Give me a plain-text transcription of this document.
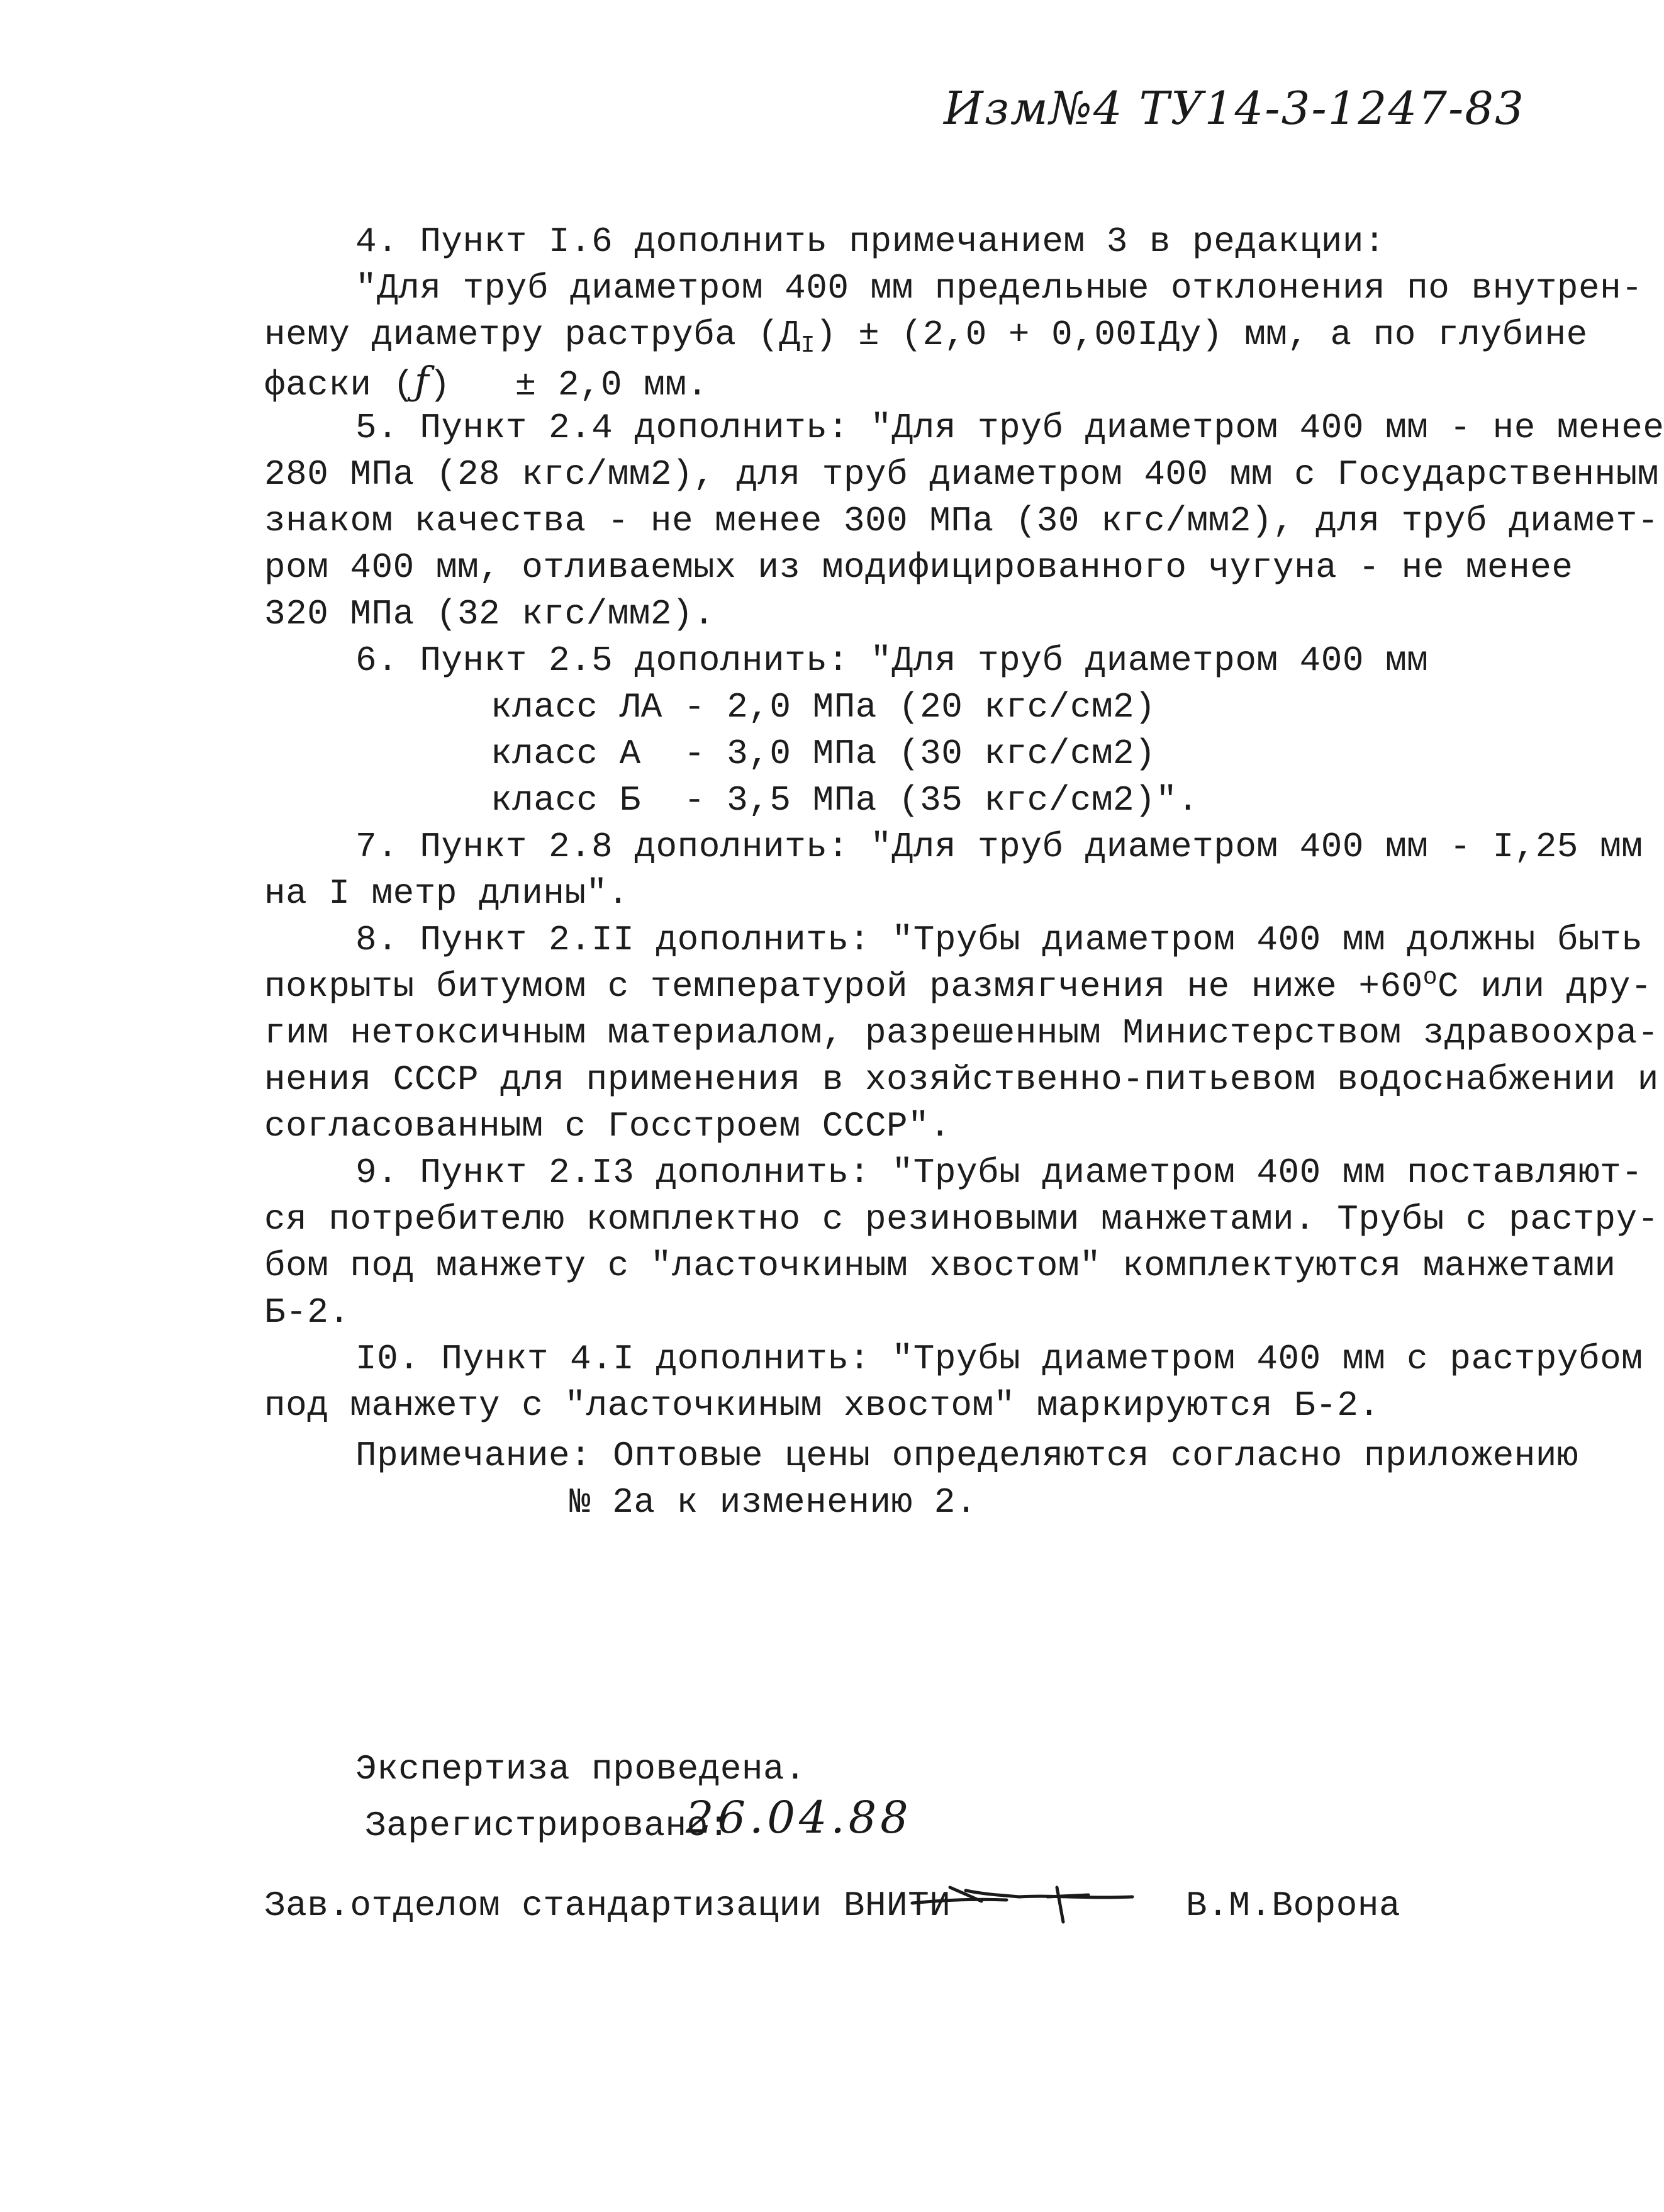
Изм№4 ТУ14-3-1247-83
4. Пункт I.6 дополнить примечанием 3 в редакции:
"Для труб диаметром 400 мм предельные отклонения по внутрен-
нему диаметру раструба $(Д_I) \pm (2,0 + 0,00IДу)$ мм, а по глубине
фаски (ƒ)   ± 2,0 мм.
5. Пункт 2.4 дополнить: "Для труб диаметром 400 мм - не менее
280 МПа (28 кгс/мм2), для труб диаметром 400 мм с Государственным
знаком качества - не менее 300 МПа (30 кгс/мм2), для труб диамет-
ром 400 мм, отливаемых из модифицированного чугуна - не менее
320 МПа (32 кгс/мм2).
6. Пункт 2.5 дополнить: "Для труб диаметром 400 мм
класс ЛА - 2,0 МПа (20 кгс/см2)
класс А  - 3,0 МПа (30 кгс/см2)
класс Б  - 3,5 МПа (35 кгс/см2)".
7. Пункт 2.8 дополнить: "Для труб диаметром 400 мм - I,25 мм
на I метр длины".
8. Пункт 2.II дополнить: "Трубы диаметром 400 мм должны быть
покрыты битумом с температурой размягчения не ниже $+60^оС$ или дру-
гим нетоксичным материалом, разрешенным Министерством здравоохра-
нения СССР для применения в хозяйственно-питьевом водоснабжении и
согласованным с Госстроем СССР".
9. Пункт 2.I3 дополнить: "Трубы диаметром 400 мм поставляют-
ся потребителю комплектно с резиновыми манжетами. Трубы с растру-
бом под манжету с "ласточкиным хвостом" комплектуются манжетами
Б-2.
I0. Пункт 4.I дополнить: "Трубы диаметром 400 мм с раструбом
под манжету с "ласточкиным хвостом" маркируются Б-2.
Примечание: Оптовые цены определяются согласно приложению
№ 2а к изменению 2.
Экспертиза проведена.
Зарегистрировано:
26.04.88
Зав.отделом стандартизации ВНИТИ	В.М.Ворона
